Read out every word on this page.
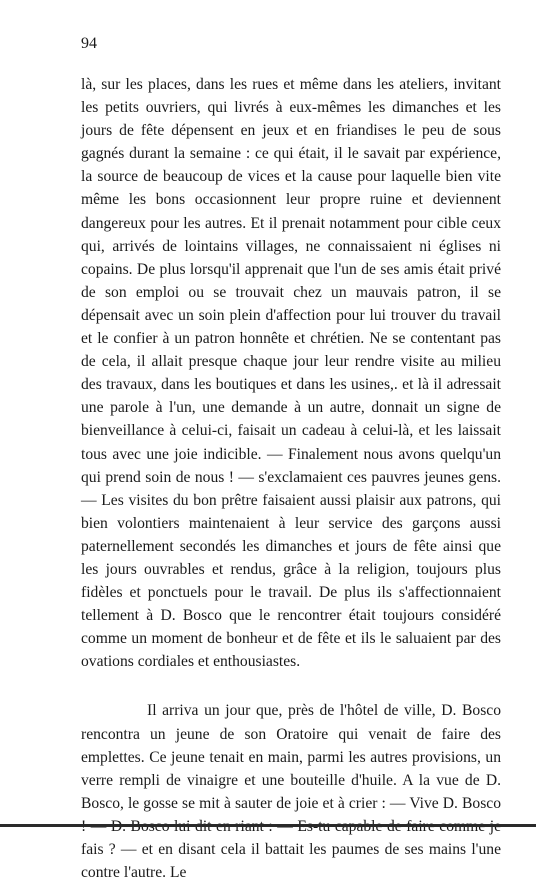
94

là, sur les places, dans les rues et même dans les ateliers, invitant les petits ouvriers, qui livrés à eux-mêmes les dimanches et les jours de fête dépensent en jeux et en friandises le peu de sous gagnés durant la semaine : ce qui était, il le savait par expérience, la source de beaucoup de vices et la cause pour laquelle bien vite même les bons occasionnent leur propre ruine et deviennent dangereux pour les autres. Et il prenait notamment pour cible ceux qui, arrivés de lointains villages, ne connaissaient ni églises ni copains. De plus lorsqu'il apprenait que l'un de ses amis était privé de son emploi ou se trouvait chez un mauvais patron, il se dépensait avec un soin plein d'affection pour lui trouver du travail et le confier à un patron honnête et chrétien. Ne se contentant pas de cela, il allait presque chaque jour leur rendre visite au milieu des travaux, dans les boutiques et dans les usines,. et là il adressait une parole à l'un, une demande à un autre, donnait un signe de bienveillance à celui-ci, faisait un cadeau à celui-là, et les laissait tous avec une joie indicible. — Finalement nous avons quelqu'un qui prend soin de nous ! — s'exclamaient ces pauvres jeunes gens. — Les visites du bon prêtre faisaient aussi plaisir aux patrons, qui bien volontiers maintenaient à leur service des garçons aussi paternellement secondés les dimanches et jours de fête ainsi que les jours ouvrables et rendus, grâce à la religion, toujours plus fidèles et ponctuels pour le travail. De plus ils s'affectionnaient tellement à D. Bosco que le rencontrer était toujours considéré comme un moment de bonheur et de fête et ils le saluaient par des ovations cordiales et enthousiastes.

Il arriva un jour que, près de l'hôtel de ville, D. Bosco rencontra un jeune de son Oratoire qui venait de faire des emplettes. Ce jeune tenait en main, parmi les autres provisions, un verre rempli de vinaigre et une bouteille d'huile. A la vue de D. Bosco, le gosse se mit à sauter de joie et à crier : — Vive D. Bosco fais ? — et en disant cela il battait les paumes de ses mains l'une contre l'autre. Le
